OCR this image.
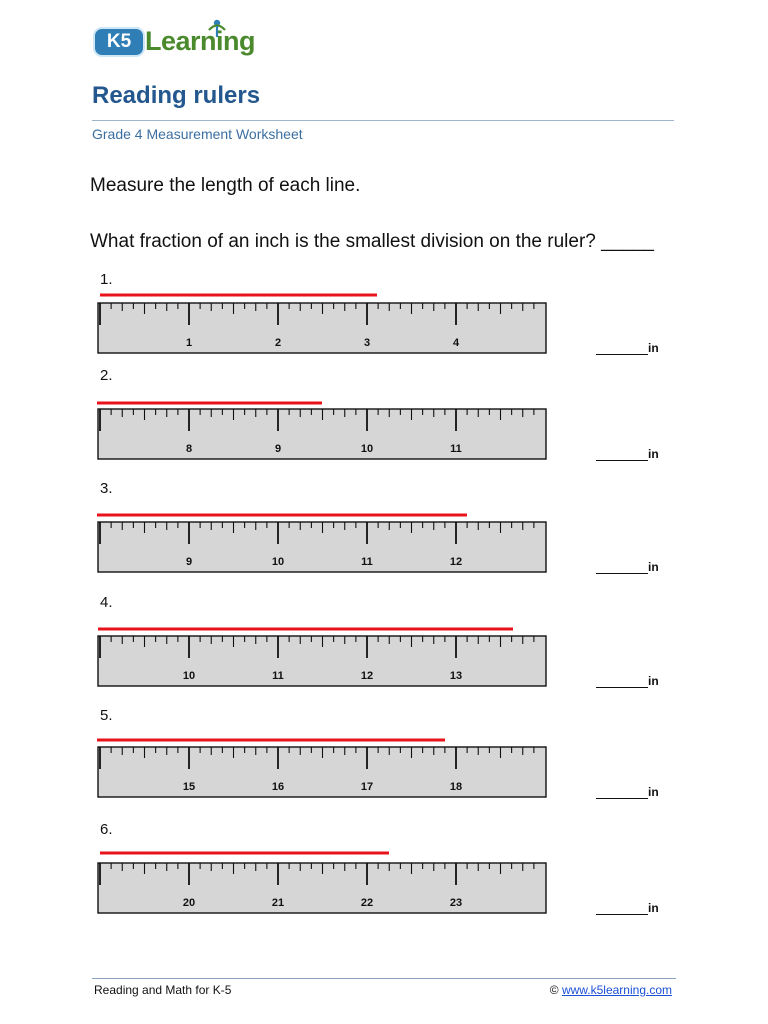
K5 Learning
Reading rulers
Grade 4 Measurement Worksheet
Measure the length of each line.
What fraction of an inch is the smallest division on the ruler? _____
1.
1	2	3	4	in
2.
8	9	10	11	in
3.
9	10	11	12	in
4.
10	11	12	13	in
5.
15	16	17	18	in
6.
20	21	22	23	in
Reading and Math for K-5	© www.k5learning.com
